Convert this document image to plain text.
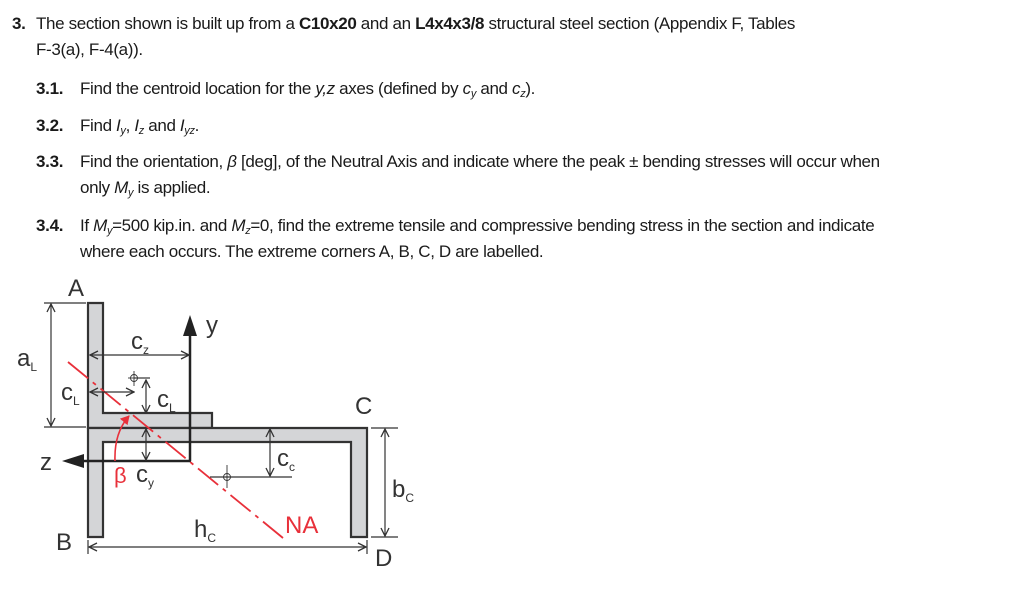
3. The section shown is built up from a C10x20 and an L4x4x3/8 structural steel section (Appendix F, Tables
F-3(a), F-4(a)).
3.1. Find the centroid location for the y,z axes (defined by $c_y$ and $c_z$).
3.2. Find $I_y$, $I_z$ and $I_{yz}$.
3.3. Find the orientation, β [deg], of the Neutral Axis and indicate where the peak ± bending stresses will occur when
only $M_y$ is applied.
3.4. If $M_y=500$ kip.in. and $M_z=0$, find the extreme tensile and compressive bending stress in the section and indicate
where each occurs. The extreme corners A, B, C, D are labelled.
A
B
C
D
y
z
$c_z$
$a_L$
$c_L$	$c_L$
$c_y$
$c_c$
$b_C$
$h_C$
β
NA
